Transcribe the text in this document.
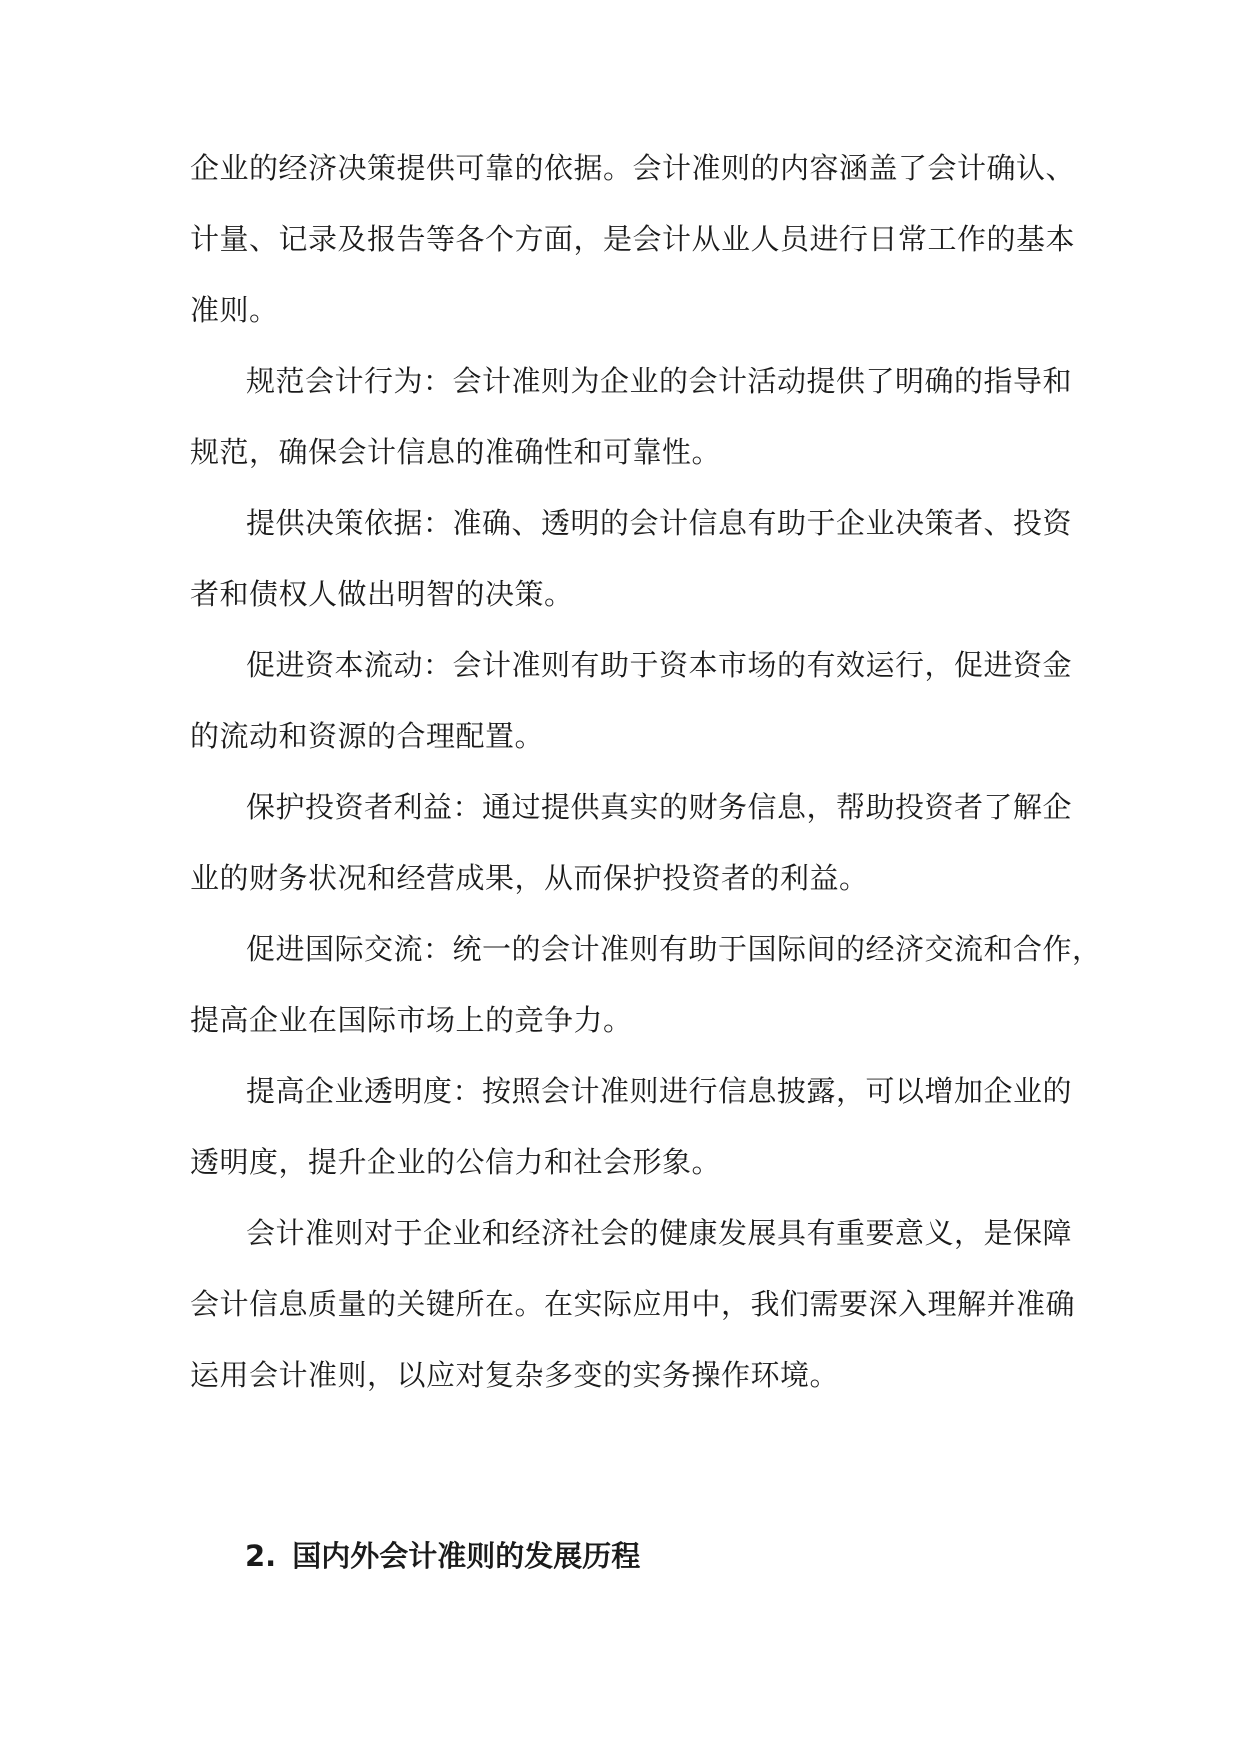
企业的经济决策提供可靠的依据。会计准则的内容涵盖了会计确认、
计量、记录及报告等各个方面，是会计从业人员进行日常工作的基本
准则。
规范会计行为：会计准则为企业的会计活动提供了明确的指导和
规范，确保会计信息的准确性和可靠性。
提供决策依据：准确、透明的会计信息有助于企业决策者、投资
者和债权人做出明智的决策。
促进资本流动：会计准则有助于资本市场的有效运行，促进资金
的流动和资源的合理配置。
保护投资者利益：通过提供真实的财务信息，帮助投资者了解企
业的财务状况和经营成果，从而保护投资者的利益。
促进国际交流：统一的会计准则有助于国际间的经济交流和合作，
提高企业在国际市场上的竞争力。
提高企业透明度：按照会计准则进行信息披露，可以增加企业的
透明度，提升企业的公信力和社会形象。
会计准则对于企业和经济社会的健康发展具有重要意义，是保障
会计信息质量的关键所在。在实际应用中，我们需要深入理解并准确
运用会计准则，以应对复杂多变的实务操作环境。
2. 国内外会计准则的发展历程
